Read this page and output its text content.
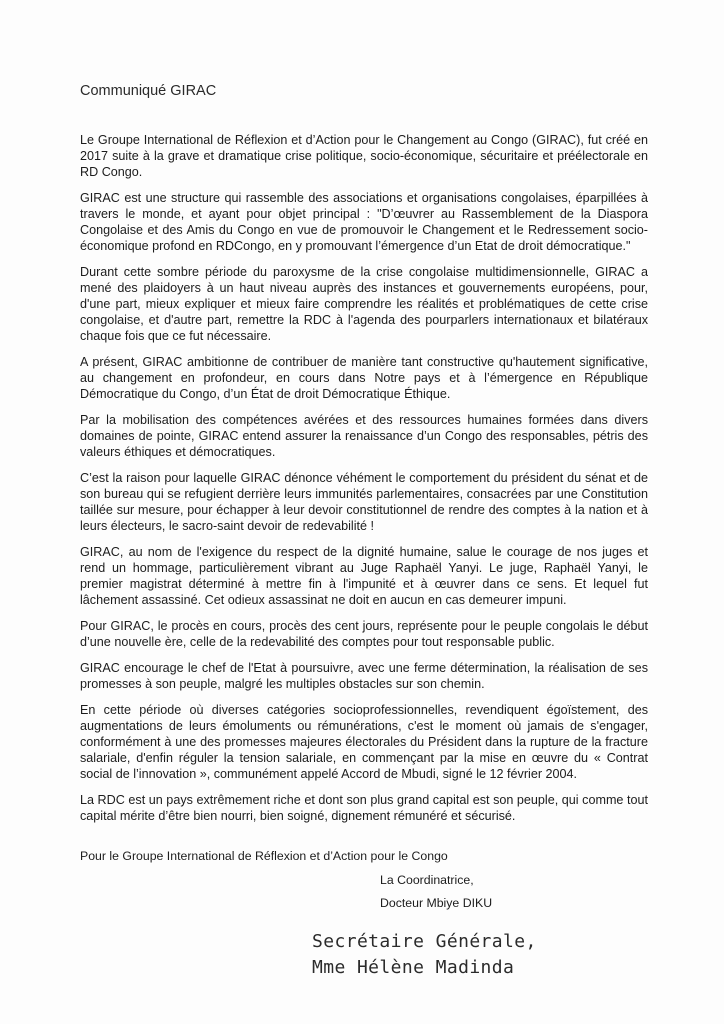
Communiqué GIRAC

Le Groupe International de Réflexion et d’Action pour le Changement au Congo (GIRAC), fut créé en 2017 suite à la grave et dramatique crise politique, socio-économique, sécuritaire et préélectorale en RD Congo.

GIRAC est une structure qui rassemble des associations et organisations congolaises, éparpillées à travers le monde, et ayant pour objet principal : "D’œuvrer au Rassemblement de la Diaspora Congolaise et des Amis du Congo en vue de promouvoir le Changement et le Redressement socio-économique profond en RDCongo, en y promouvant l’émergence d’un Etat de droit démocratique."

Durant cette sombre période du paroxysme de la crise congolaise multidimensionnelle, GIRAC a mené des plaidoyers à un haut niveau auprès des instances et gouvernements européens, pour, d'une part, mieux expliquer et mieux faire comprendre les réalités et problématiques de cette crise congolaise, et d'autre part, remettre la RDC à l'agenda des pourparlers internationaux et bilatéraux chaque fois que ce fut nécessaire.

A présent, GIRAC ambitionne de contribuer de manière tant constructive qu'hautement significative, au changement en profondeur, en cours dans Notre pays et à l’émergence en République Démocratique du Congo, d’un État de droit Démocratique Éthique.

Par la mobilisation des compétences avérées et des ressources humaines formées dans divers domaines de pointe, GIRAC entend assurer la renaissance d’un Congo des responsables, pétris des valeurs éthiques et démocratiques.

C’est la raison pour laquelle GIRAC dénonce véhément le comportement du président du sénat et de son bureau qui se refugient derrière leurs immunités parlementaires, consacrées par une Constitution taillée sur mesure, pour échapper à leur devoir constitutionnel de rendre des comptes à la nation et à leurs électeurs, le sacro-saint devoir de redevabilité !

GIRAC, au nom de l'exigence du respect de la dignité humaine, salue le courage de nos juges et rend un hommage, particulièrement vibrant au Juge Raphaël Yanyi. Le juge, Raphaël Yanyi, le premier magistrat déterminé à mettre fin à l'impunité et à œuvrer dans ce sens. Et lequel fut lâchement assassiné. Cet odieux assassinat ne doit en aucun en cas demeurer impuni.

Pour GIRAC, le procès en cours, procès des cent jours, représente pour le peuple congolais le début d’une nouvelle ère, celle de la redevabilité des comptes pour tout responsable public.

GIRAC encourage le chef de l'Etat à poursuivre, avec une ferme détermination, la réalisation de ses promesses à son peuple, malgré les multiples obstacles sur son chemin.

En cette période où diverses catégories socioprofessionnelles, revendiquent égoïstement, des augmentations de leurs émoluments ou rémunérations, c'est le moment où jamais de s'engager, conformément à une des promesses majeures électorales du Président dans la rupture de la fracture salariale, d'enfin réguler la tension salariale, en commençant par la mise en œuvre du « Contrat social de l’innovation », communément appelé Accord de Mbudi, signé le 12 février 2004.

La RDC est un pays extrêmement riche et dont son plus grand capital est son peuple, qui comme tout capital mérite d’être bien nourri, bien soigné, dignement rémunéré et sécurisé.

Pour le Groupe International de Réflexion et d’Action pour le Congo
La Coordinatrice,
Docteur Mbiye DIKU
Secrétaire Générale,
Mme Hélène Madinda
